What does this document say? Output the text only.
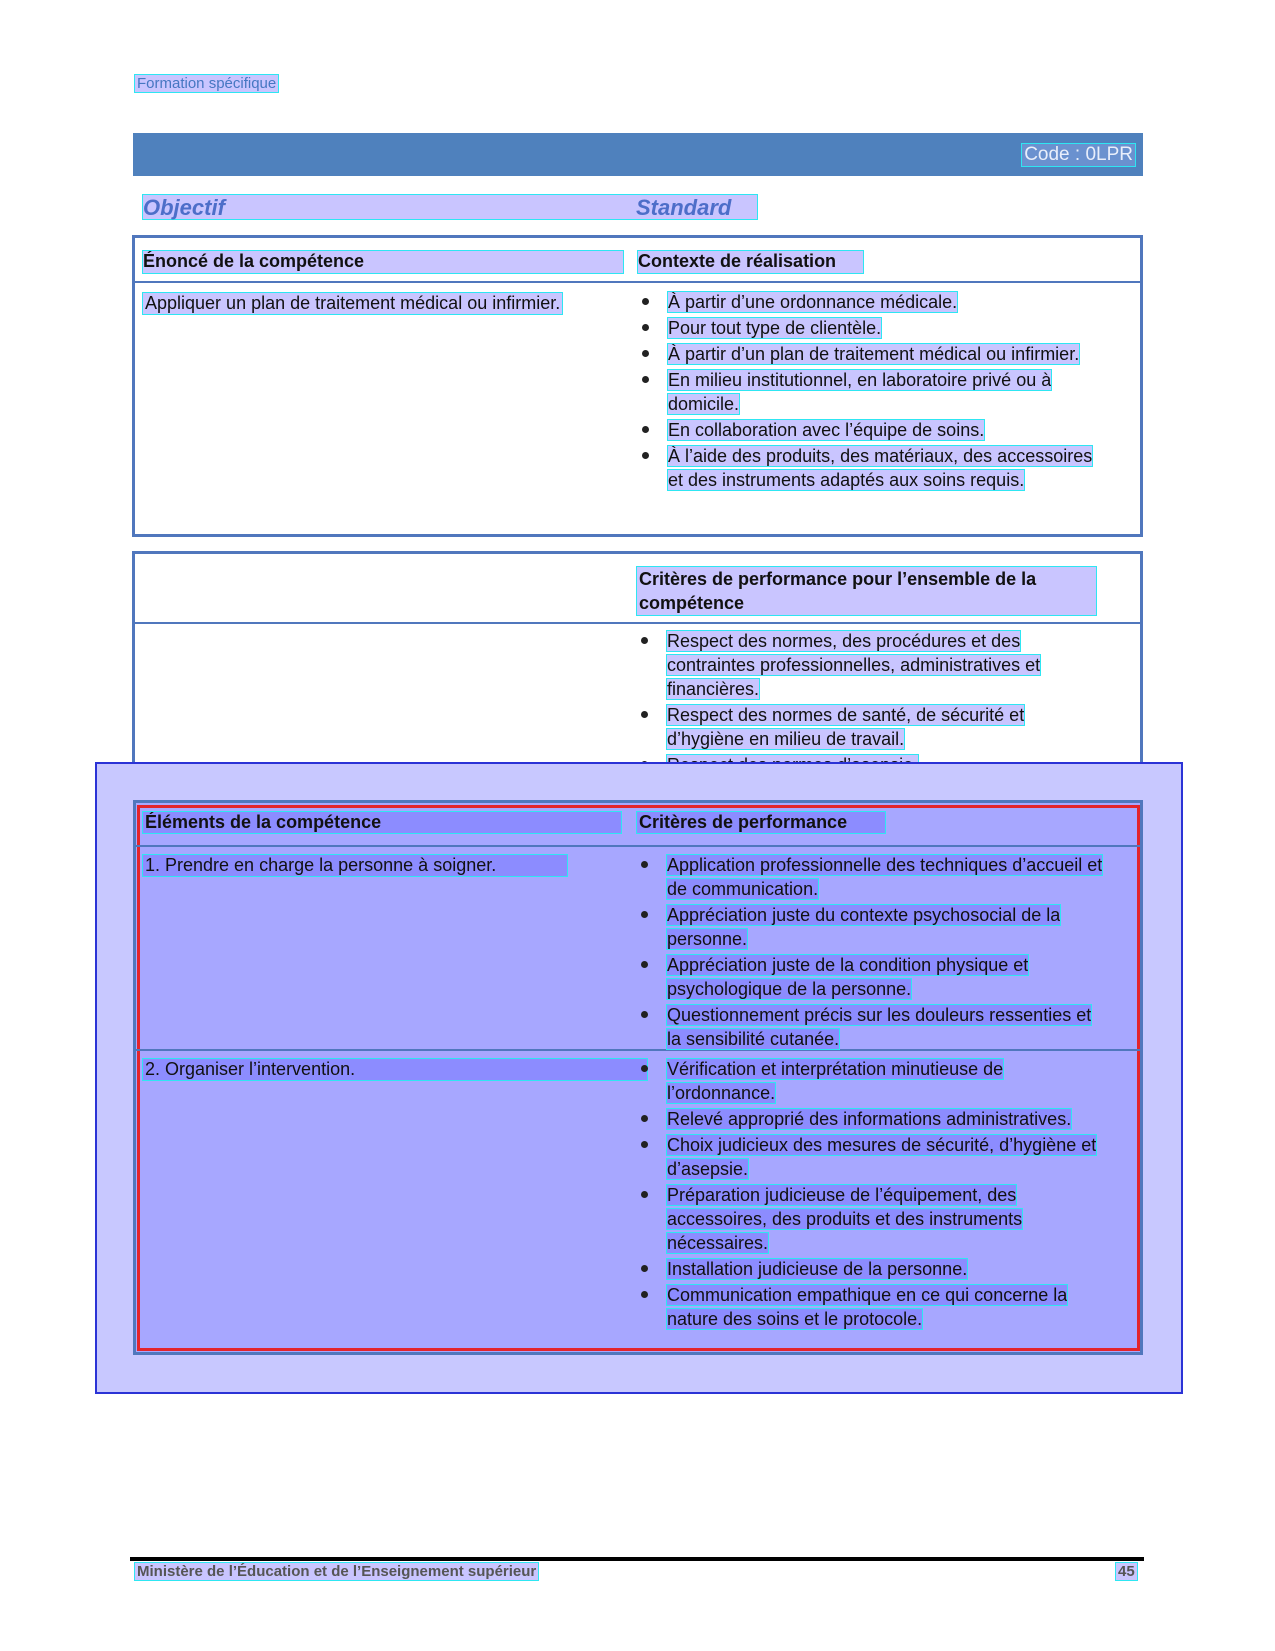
Formation spécifique
Code : 0LPR
Objectif	Standard
Énoncé de la compétence	Contexte de réalisation
Appliquer un plan de traitement médical ou infirmier.	À partir d’une ordonnance médicale.
Pour tout type de clientèle.
À partir d’un plan de traitement médical ou infirmier.
En milieu institutionnel, en laboratoire privé ou à domicile.
En collaboration avec l’équipe de soins.
À l’aide des produits, des matériaux, des accessoires et des instruments adaptés aux soins requis.
Critères de performance pour l’ensemble de la compétence
Respect des normes, des procédures et des contraintes professionnelles, administratives et financières.
Respect des normes de santé, de sécurité et d’hygiène en milieu de travail.
Éléments de la compétence	Critères de performance
1. Prendre en charge la personne à soigner.	Application professionnelle des techniques d’accueil et de communication.
Appréciation juste du contexte psychosocial de la personne.
Appréciation juste de la condition physique et psychologique de la personne.
Questionnement précis sur les douleurs ressenties et la sensibilité cutanée.
2. Organiser l’intervention.	Vérification et interprétation minutieuse de l’ordonnance.
Relevé approprié des informations administratives.
Choix judicieux des mesures de sécurité, d’hygiène et d’asepsie.
Préparation judicieuse de l’équipement, des accessoires, des produits et des instruments nécessaires.
Installation judicieuse de la personne.
Communication empathique en ce qui concerne la nature des soins et le protocole.
Ministère de l’Éducation et de l’Enseignement supérieur	45
